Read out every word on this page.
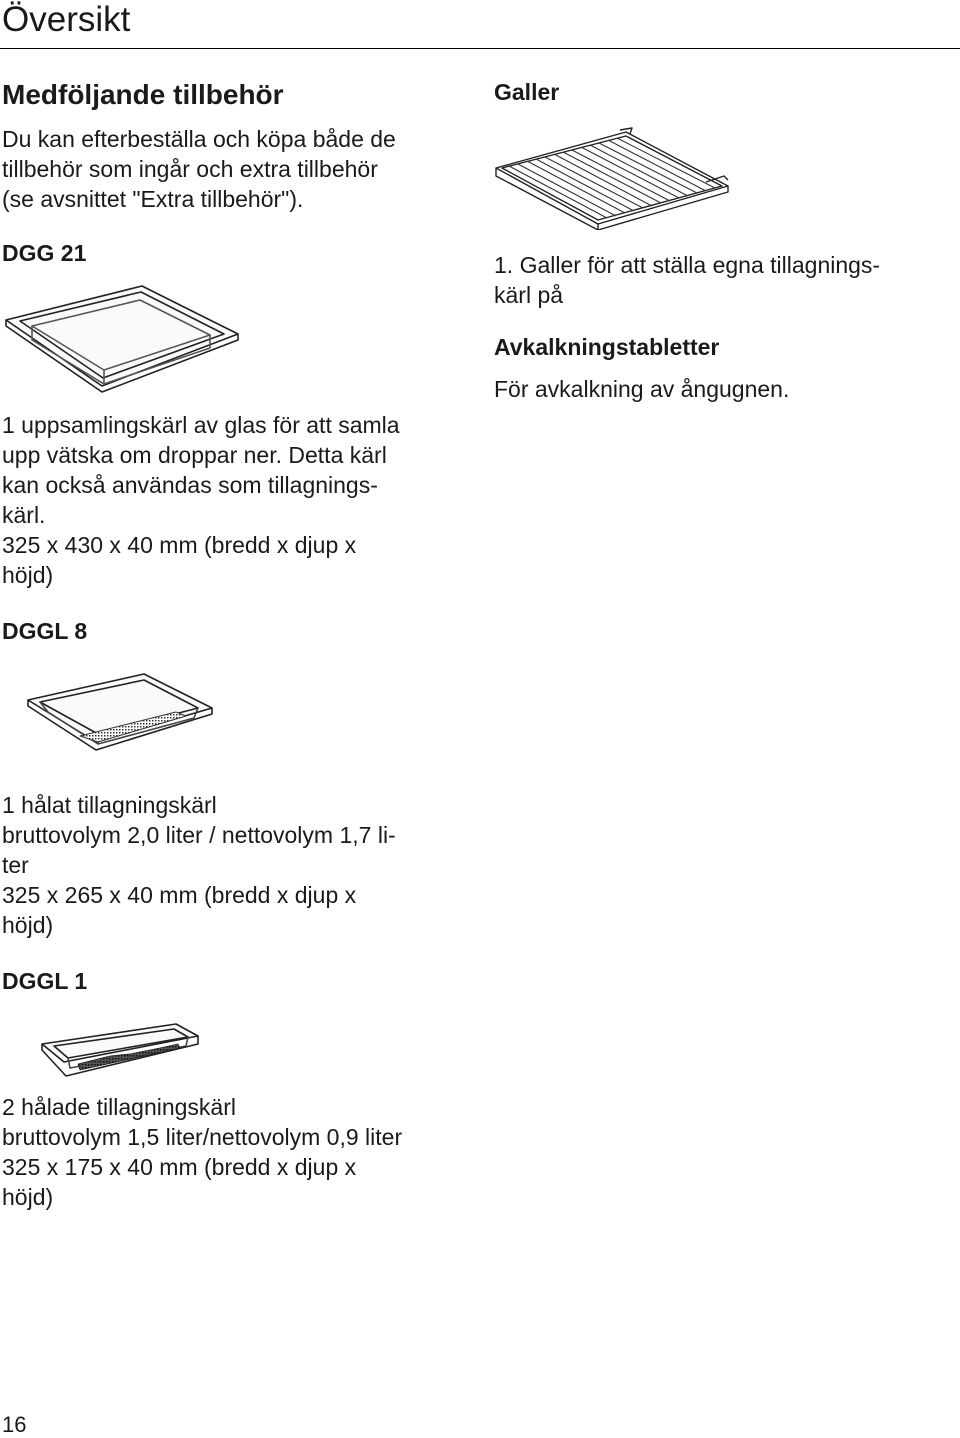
Översikt
Medföljande tillbehör
Du kan efterbeställa och köpa både de
tillbehör som ingår och extra tillbehör
(se avsnittet "Extra tillbehör").

DGG 21

1 uppsamlingskärl av glas för att samla
upp vätska om droppar ner. Detta kärl
kan också användas som tillagnings-
kärl.
325 x 430 x 40 mm (bredd x djup x
höjd)

DGGL 8

1 hålat tillagningskärl
bruttovolym 2,0 liter / nettovolym 1,7 li-
ter
325 x 265 x 40 mm (bredd x djup x
höjd)

DGGL 1

2 hålade tillagningskärl
bruttovolym 1,5 liter/nettovolym 0,9 liter
325 x 175 x 40 mm (bredd x djup x
höjd)

Galler

1. Galler för att ställa egna tillagnings-
kärl på

Avkalkningstabletter

För avkalkning av ångugnen.

16
